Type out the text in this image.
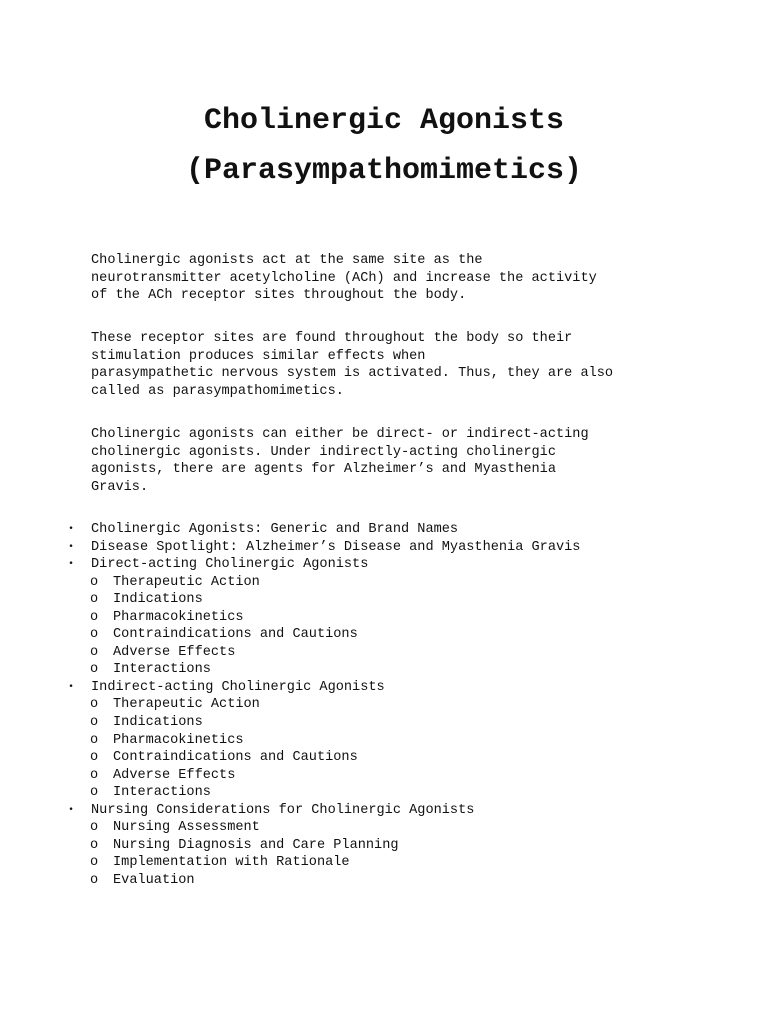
Cholinergic Agonists
(Parasympathomimetics)

Cholinergic agonists act at the same site as the
neurotransmitter acetylcholine (ACh) and increase the activity
of the ACh receptor sites throughout the body.

These receptor sites are found throughout the body so their
stimulation produces similar effects when
parasympathetic nervous system is activated. Thus, they are also
called as parasympathomimetics.

Cholinergic agonists can either be direct- or indirect-acting
cholinergic agonists. Under indirectly-acting cholinergic
agonists, there are agents for Alzheimer’s and Myasthenia
Gravis.

• Cholinergic Agonists: Generic and Brand Names
• Disease Spotlight: Alzheimer’s Disease and Myasthenia Gravis
• Direct-acting Cholinergic Agonists
o Therapeutic Action
o Indications
o Pharmacokinetics
o Contraindications and Cautions
o Adverse Effects
o Interactions
• Indirect-acting Cholinergic Agonists
o Therapeutic Action
o Indications
o Pharmacokinetics
o Contraindications and Cautions
o Adverse Effects
o Interactions
• Nursing Considerations for Cholinergic Agonists
o Nursing Assessment
o Nursing Diagnosis and Care Planning
o Implementation with Rationale
o Evaluation
